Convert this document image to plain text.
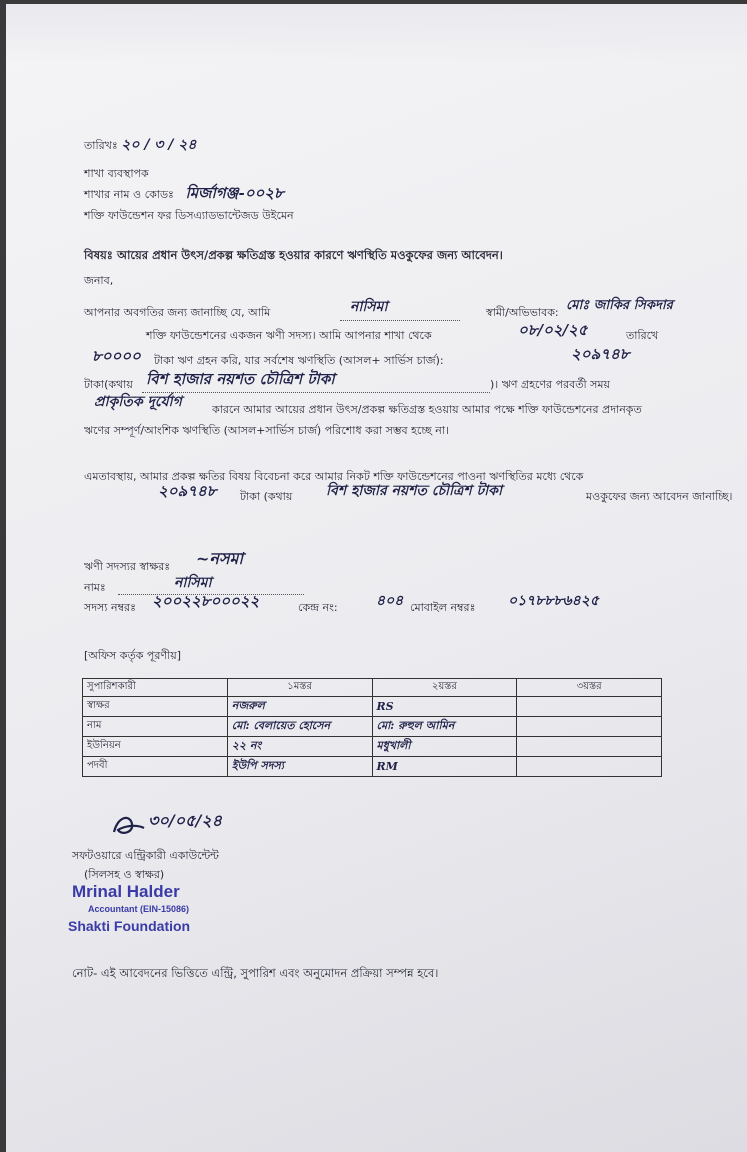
তারিখঃ ২০ / ৩ / ২৪
শাখা ব্যবস্থাপক
শাখার নাম ও কোডঃ মির্জাগঞ্জ-০০২৮
শক্তি ফাউন্ডেশন ফর ডিসএ্যাডভান্টেজড উইমেন
বিষয়ঃ আয়ের প্রধান উৎস/প্রকল্প ক্ষতিগ্রস্ত হওয়ার কারণে ঋণস্থিতি মওকুফের জন্য আবেদন।
জনাব,
আপনার অবগতির জন্য জানাচ্ছি যে, আমি	নাসিমা	স্বামী/অভিভাবক: মোঃ জাকির সিকদার
শক্তি ফাউন্ডেশনের একজন ঋণী সদস্য। আমি আপনার শাখা থেকে	০৮/০২/২৫	তারিখে
৮০০০০ টাকা ঋণ গ্রহন করি, যার সর্বশেষ ঋণস্থিতি (আসল+ সার্ভিস চার্জ):	২০৯৭৪৮
টাকা(কথায় বিশ হাজার নয়শত চৌত্রিশ টাকা	)। ঋণ গ্রহণের পরবর্তী সময়
প্রাকৃতিক দূর্যোগ	কারনে আমার আয়ের প্রধান উৎস/প্রকল্প ক্ষতিগ্রস্ত হওয়ায় আমার পক্ষে শক্তি ফাউন্ডেশনের প্রদানকৃত ঋণের সম্পূর্ণ/আংশিক ঋণস্থিতি (আসল+সার্ভিস চার্জ) পরিশোধ করা সম্ভব হচ্ছে না।
এমতাবস্থায়, আমার প্রকল্প ক্ষতির বিষয় বিবেচনা করে আমার নিকট শক্তি ফাউন্ডেশনের পাওনা ঋণস্থিতির মধ্যে থেকে
২০৯৭৪৮ টাকা (কথায় বিশ হাজার নয়শত চৌত্রিশ টাকা	মওকুফের জন্য আবেদন জানাচ্ছি।
ঋণী সদস্যর স্বাক্ষরঃ ~নসমা
নামঃ	নাসিমা
সদস্য নম্বরঃ ২০০২২৮০০০২২	কেন্দ্র নং:	৪০৪ মোবাইল নম্বরঃ ০১৭৮৮৮৬৪২৫
[অফিস কর্তৃক পূরণীয়]
সুপারিশকারী	১মস্তর	২য়স্তর	৩য়স্তর
স্বাক্ষর	নজরুল	RS	
নাম	মো: বেলায়েত হোসেন	মো: রুহুল আমিন	
ইউনিয়ন	২২ নং	মধুখালী	
পদবী	ইউপি সদস্য	RM	
৩০/০৫/২৪
সফটওয়ারে এন্ট্রিকারী একাউন্টেন্ট
(সিলসহ ও স্বাক্ষর)
Mrinal Halder
Accountant (EIN-15086)
Shakti Foundation
নোট- এই আবেদনের ভিত্তিতে এন্ট্রি, সুপারিশ এবং অনুমোদন প্রক্রিয়া সম্পন্ন হবে।
